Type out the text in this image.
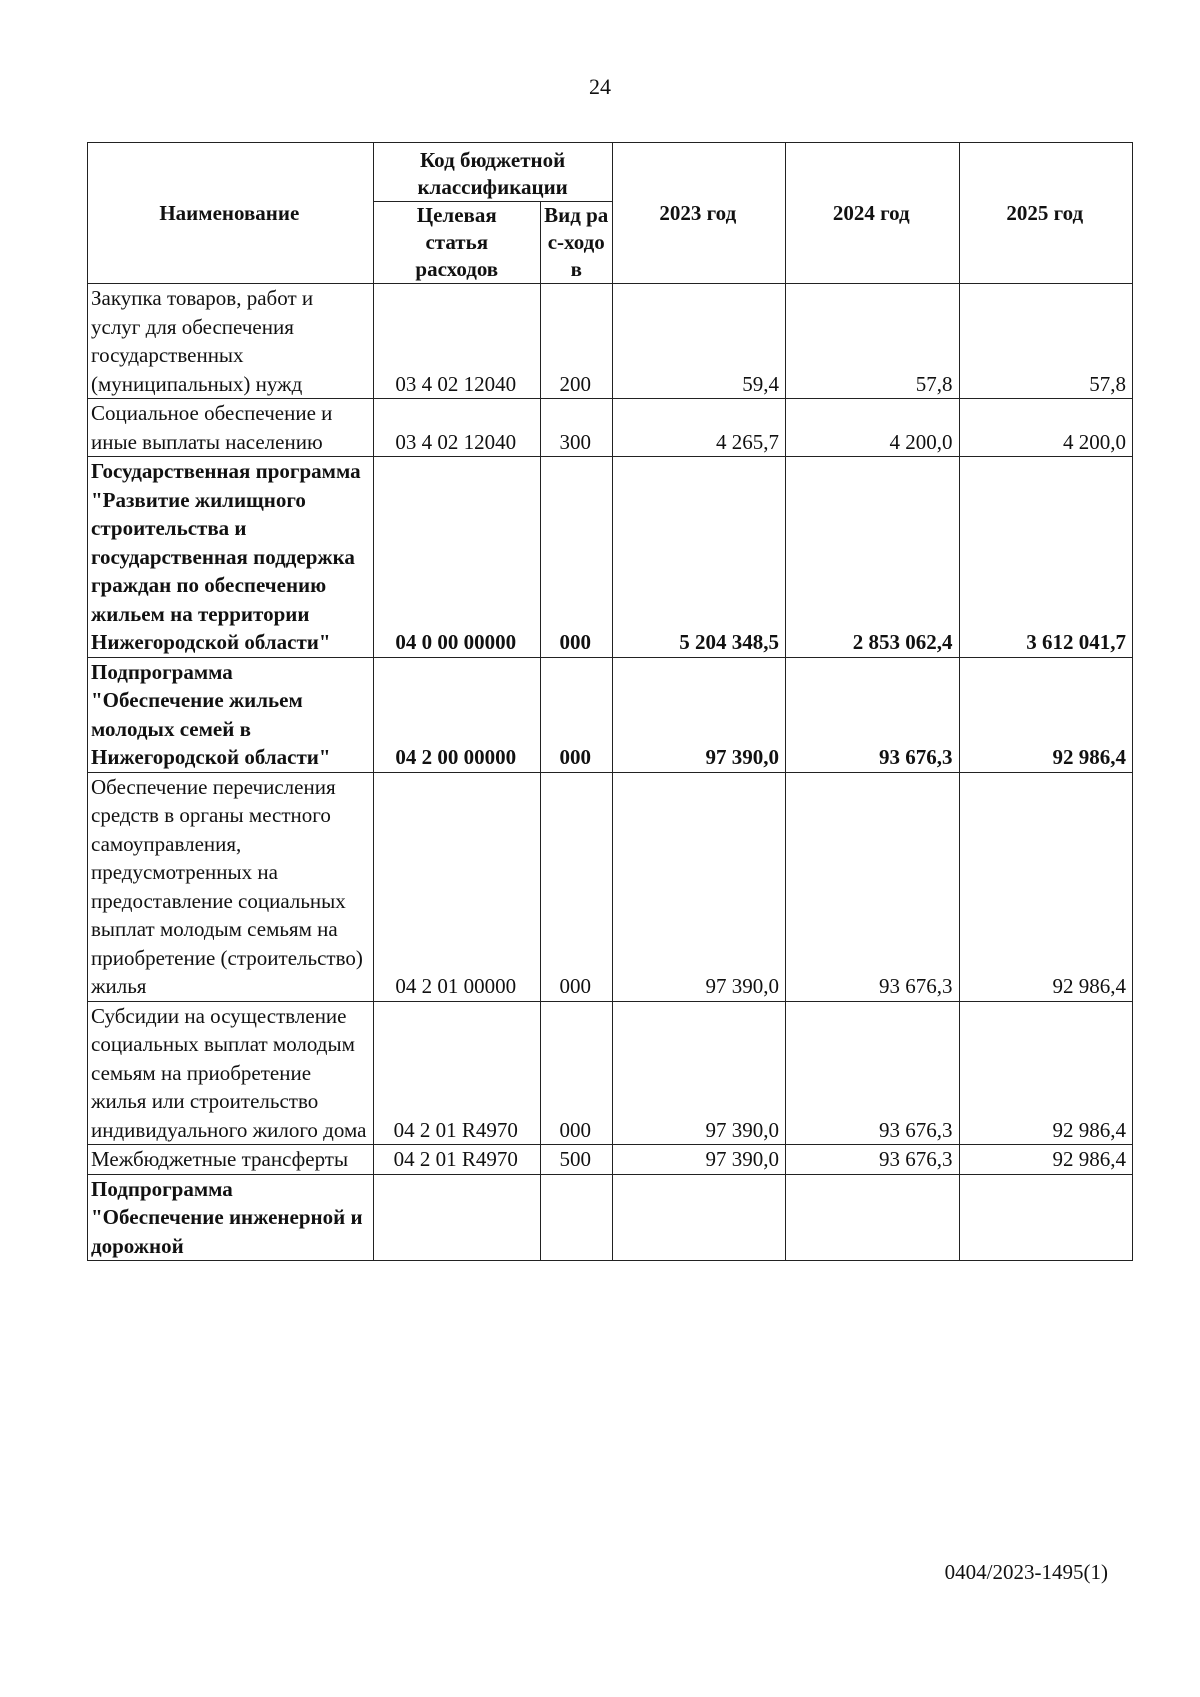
24
Наименование	Код бюджетной классификации		2023 год	2024 год	2025 год
	Целевая статья расходов	Вид рас-ходов			
Закупка товаров, работ и услуг для обеспечения государственных (муниципальных) нужд	03 4 02 12040	200	59,4	57,8	57,8
Социальное обеспечение и иные выплаты населению	03 4 02 12040	300	4 265,7	4 200,0	4 200,0
Государственная программа "Развитие жилищного строительства и государственная поддержка граждан по обеспечению жильем на территории Нижегородской области"	04 0 00 00000	000	5 204 348,5	2 853 062,4	3 612 041,7
Подпрограмма "Обеспечение жильем молодых семей в Нижегородской области"	04 2 00 00000	000	97 390,0	93 676,3	92 986,4
Обеспечение перечисления средств в органы местного самоуправления, предусмотренных на предоставление социальных выплат молодым семьям на приобретение (строительство) жилья	04 2 01 00000	000	97 390,0	93 676,3	92 986,4
Субсидии на осуществление социальных выплат молодым семьям на приобретение жилья или строительство индивидуального жилого дома	04 2 01 R4970	000	97 390,0	93 676,3	92 986,4
Межбюджетные трансферты	04 2 01 R4970	500	97 390,0	93 676,3	92 986,4
Подпрограмма "Обеспечение инженерной и дорожной					
0404/2023-1495(1)
